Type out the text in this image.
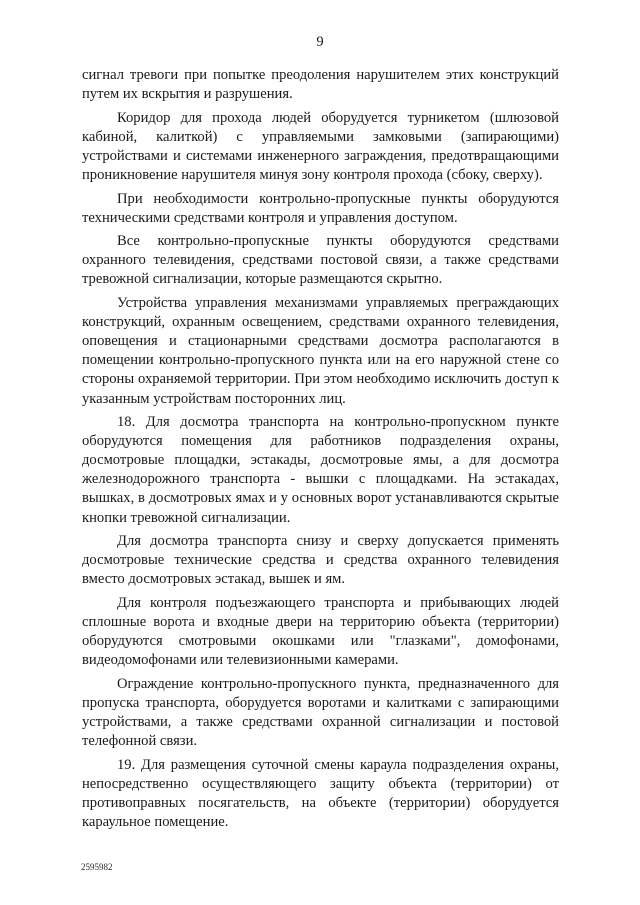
9

сигнал тревоги при попытке преодоления нарушителем этих конструкций путем их вскрытия и разрушения.

Коридор для прохода людей оборудуется турникетом (шлюзовой кабиной, калиткой) с управляемыми замковыми (запирающими) устройствами и системами инженерного заграждения, предотвращающими проникновение нарушителя минуя зону контроля прохода (сбоку, сверху).

При необходимости контрольно-пропускные пункты оборудуются техническими средствами контроля и управления доступом.

Все контрольно-пропускные пункты оборудуются средствами охранного телевидения, средствами постовой связи, а также средствами тревожной сигнализации, которые размещаются скрытно.

Устройства управления механизмами управляемых преграждающих конструкций, охранным освещением, средствами охранного телевидения, оповещения и стационарными средствами досмотра располагаются в помещении контрольно-пропускного пункта или на его наружной стене со стороны охраняемой территории. При этом необходимо исключить доступ к указанным устройствам посторонних лиц.

18. Для досмотра транспорта на контрольно-пропускном пункте оборудуются помещения для работников подразделения охраны, досмотровые площадки, эстакады, досмотровые ямы, а для досмотра железнодорожного транспорта - вышки с площадками. На эстакадах, вышках, в досмотровых ямах и у основных ворот устанавливаются скрытые кнопки тревожной сигнализации.

Для досмотра транспорта снизу и сверху допускается применять досмотровые технические средства и средства охранного телевидения вместо досмотровых эстакад, вышек и ям.

Для контроля подъезжающего транспорта и прибывающих людей сплошные ворота и входные двери на территорию объекта (территории) оборудуются смотровыми окошками или "глазками", домофонами, видеодомофонами или телевизионными камерами.

Ограждение контрольно-пропускного пункта, предназначенного для пропуска транспорта, оборудуется воротами и калитками с запирающими устройствами, а также средствами охранной сигнализации и постовой телефонной связи.

19. Для размещения суточной смены караула подразделения охраны, непосредственно осуществляющего защиту объекта (территории) от противоправных посягательств, на объекте (территории) оборудуется караульное помещение.

2595982
